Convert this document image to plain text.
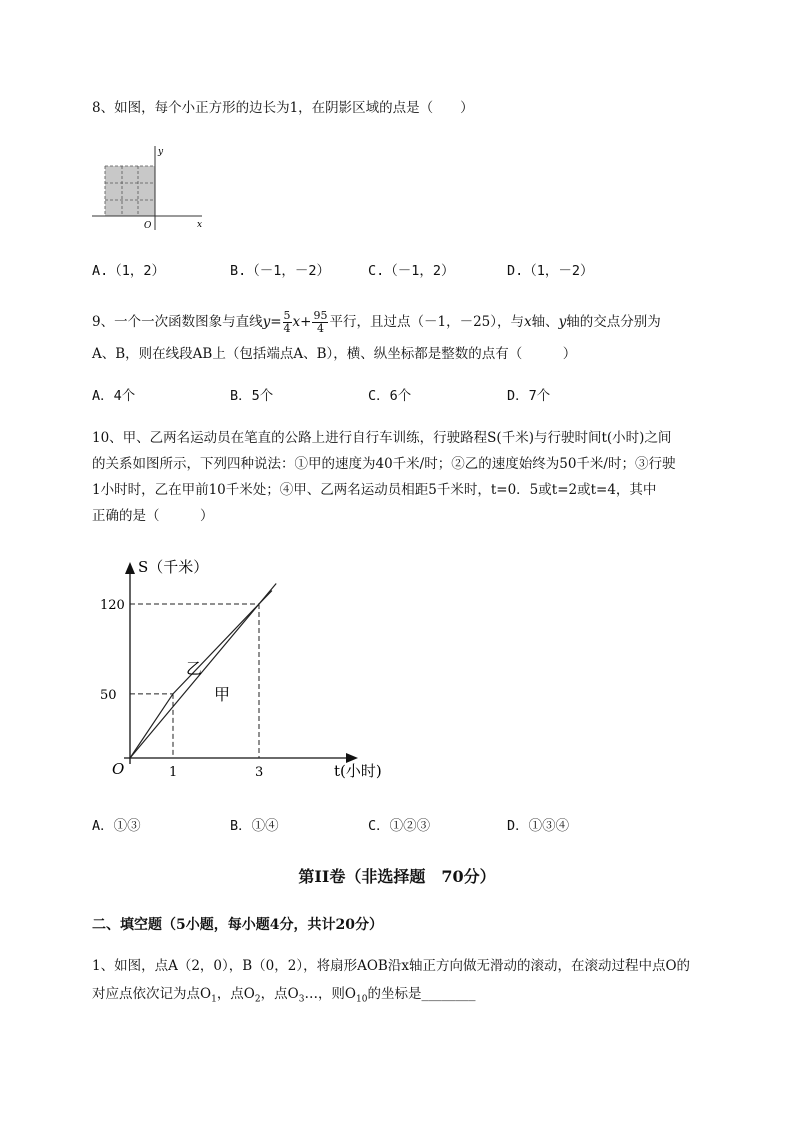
8、如图，每个小正方形的边长为1，在阴影区域的点是（　　）
y
x
O
A.（1，2）	B.（－1，－2）	C.（－1，2）	D.（1，－2）
9、一个一次函数图象与直线$y= \frac{5}{4} x+ \frac{95}{4}$ 平行，且过点（－1，－25），与x轴、y轴的交点分别为
A、B，则在线段AB上（包括端点A、B），横、纵坐标都是整数的点有（　　　）
A．4个	B．5个	C．6个	D．7个
10、甲、乙两名运动员在笔直的公路上进行自行车训练，行驶路程S(千米)与行驶时间t(小时)之间
的关系如图所示，下列四种说法：①甲的速度为40千米/时；②乙的速度始终为50千米/时；③行驶
1小时时，乙在甲前10千米处；④甲、乙两名运动员相距5千米时，t=0．5或t=2或t=4，其中
正确的是（　　　）
S（千米）
t(小时)
O
50
120
1	3
乙
甲
A．①③	B．①④	C．①②③	D．①③④
第II卷（非选择题　70分）
二、填空题（5小题，每小题4分，共计20分）
1、如图，点A（2，0），B（0，2），将扇形AOB沿x轴正方向做无滑动的滚动，在滚动过程中点O的
对应点依次记为点$O_1$，点$O_2$，点$O_3\dots$，则$O_{10}$的坐标是________
